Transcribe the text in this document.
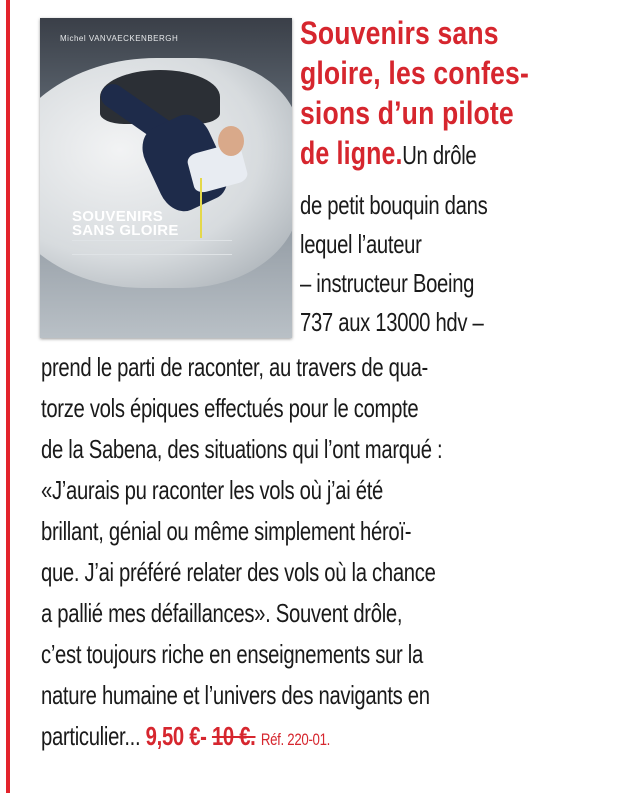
Michel VANVAECKENBERGH
SOUVENIRS
SANS GLOIRE

Souvenirs sans

gloire, les confes-

sions d’un pilote

de ligne.Un drôle

de petit bouquin dans

lequel l’auteur

– instructeur Boeing

737 aux 13000 hdv –

prend le parti de raconter, au travers de qua-

torze vols épiques effectués pour le compte

de la Sabena, des situations qui l’ont marqué :

«J’aurais pu raconter les vols où j’ai été

brillant, génial ou même simplement héroï-

que. J’ai préféré relater des vols où la chance

a pallié mes défaillances». Souvent drôle,

c’est toujours riche en enseignements sur la

nature humaine et l’univers des navigants en

particulier... 9,50 €- 10 €. Réf. 220-01.
